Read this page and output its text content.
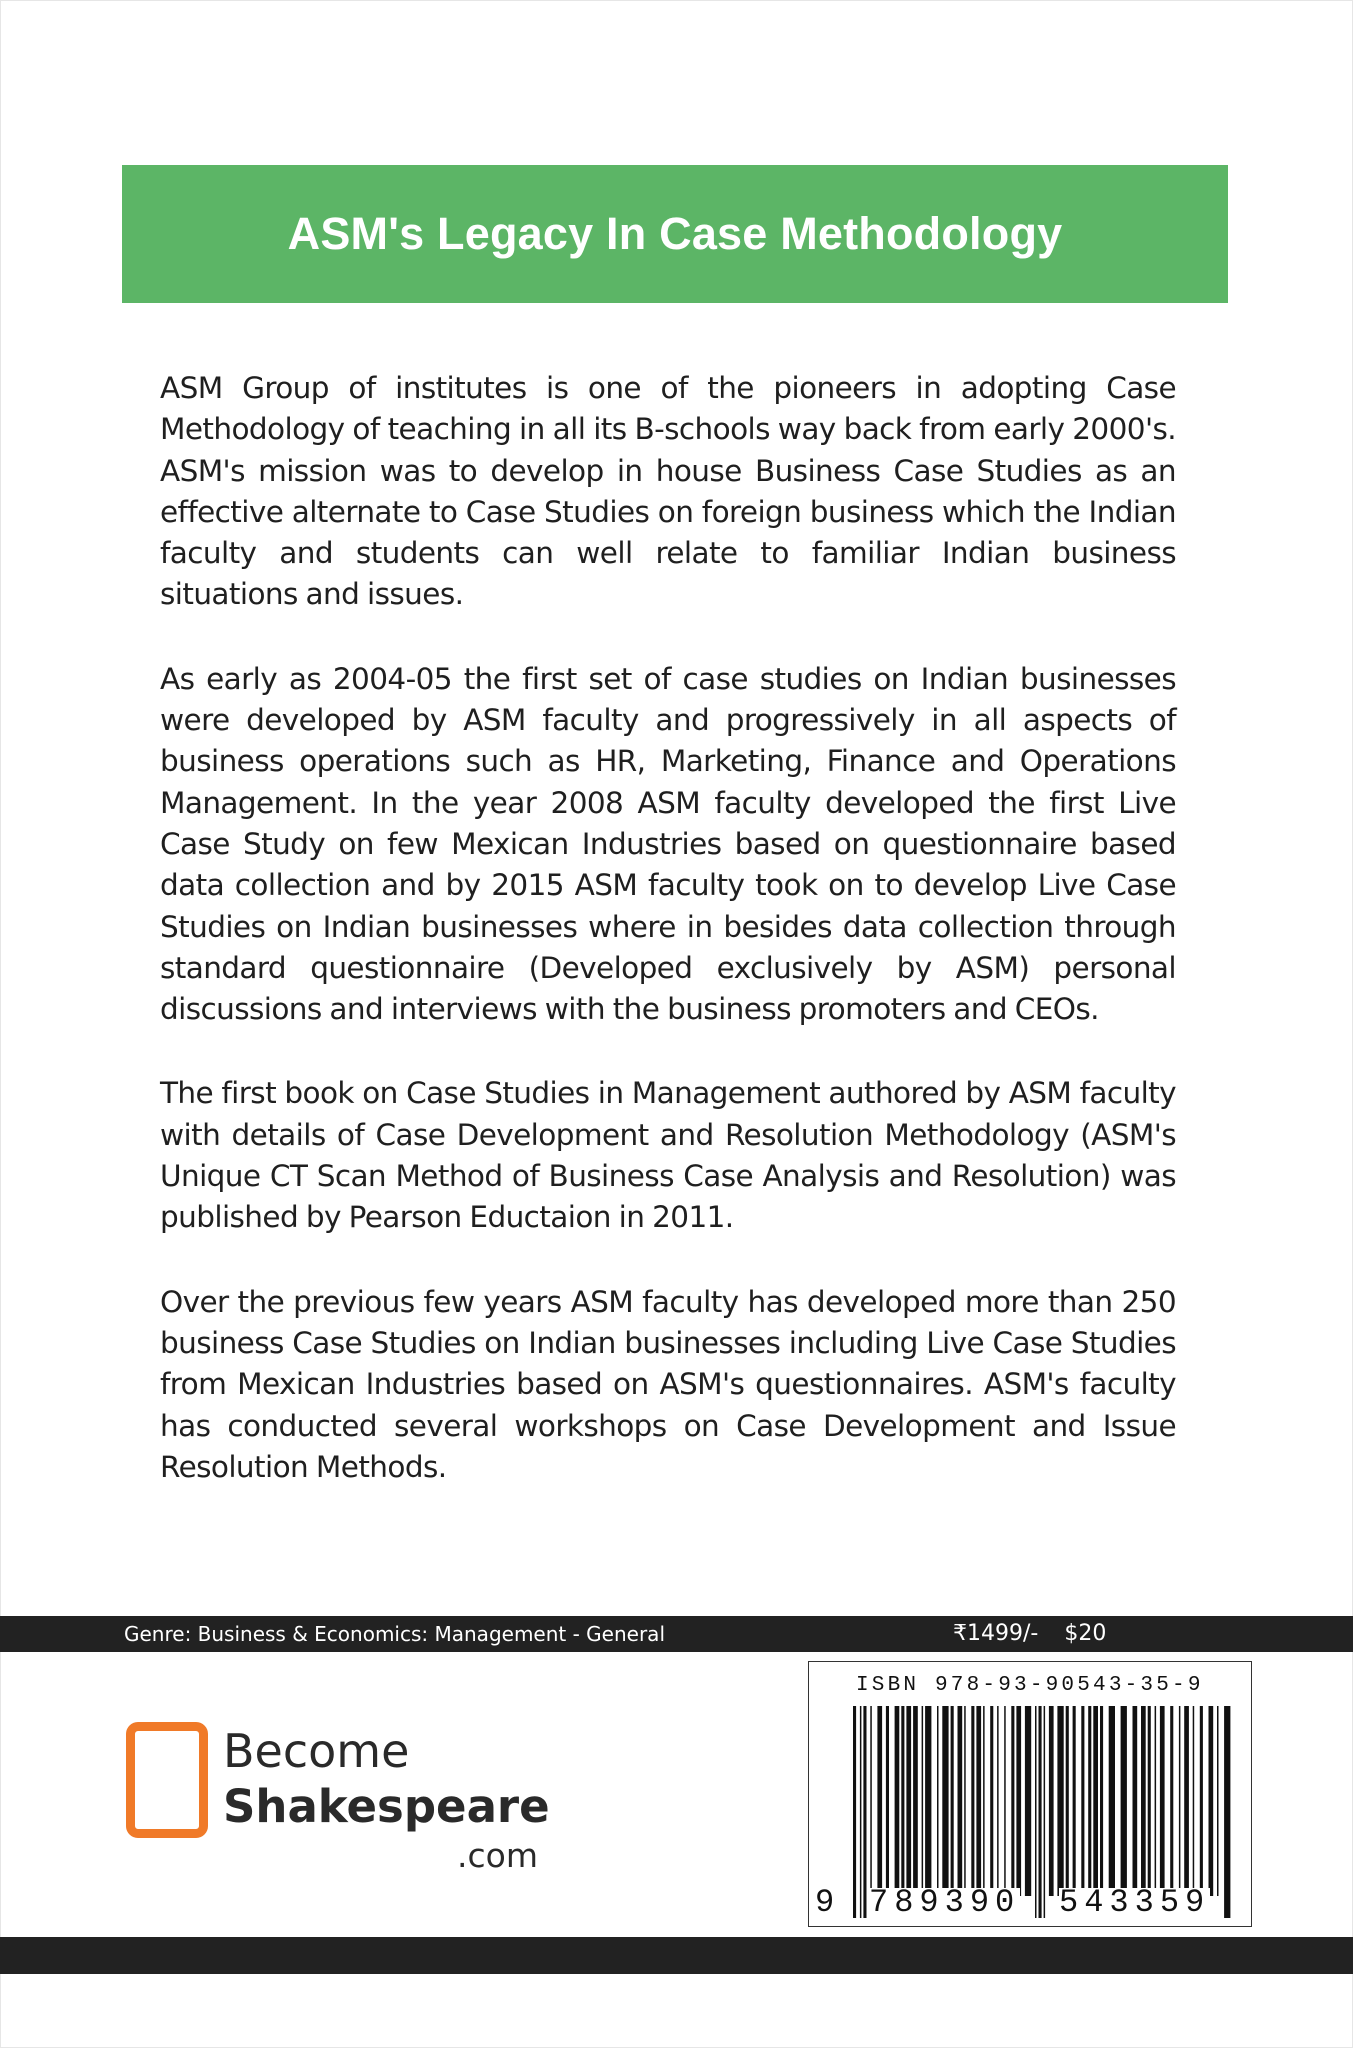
ASM's Legacy In Case Methodology

ASM Group of institutes is one of the pioneers in adopting Case Methodology of teaching in all its B-schools way back from early 2000's. ASM's mission was to develop in house Business Case Studies as an effective alternate to Case Studies on foreign business which the Indian faculty and students can well relate to familiar Indian business situations and issues.

As early as 2004-05 the first set of case studies on Indian businesses were developed by ASM faculty and progressively in all aspects of business operations such as HR, Marketing, Finance and Operations Management. In the year 2008 ASM faculty developed the first Live Case Study on few Mexican Industries based on questionnaire based data collection and by 2015 ASM faculty took on to develop Live Case Studies on Indian businesses where in besides data collection through standard questionnaire (Developed exclusively by ASM) personal discussions and interviews with the business promoters and CEOs.

The first book on Case Studies in Management authored by ASM faculty with details of Case Development and Resolution Methodology (ASM's Unique CT Scan Method of Business Case Analysis and Resolution) was published by Pearson Eductaion in 2011.

Over the previous few years ASM faculty has developed more than 250 business Case Studies on Indian businesses including Live Case Studies from Mexican Industries based on ASM's questionnaires. ASM's faculty has conducted several workshops on Case Development and Issue Resolution Methods.

Genre: Business & Economics: Management - General	₹1499/- $20
Become
Shakespeare
.com
ISBN 978-93-90543-35-9
9 789390 543359
